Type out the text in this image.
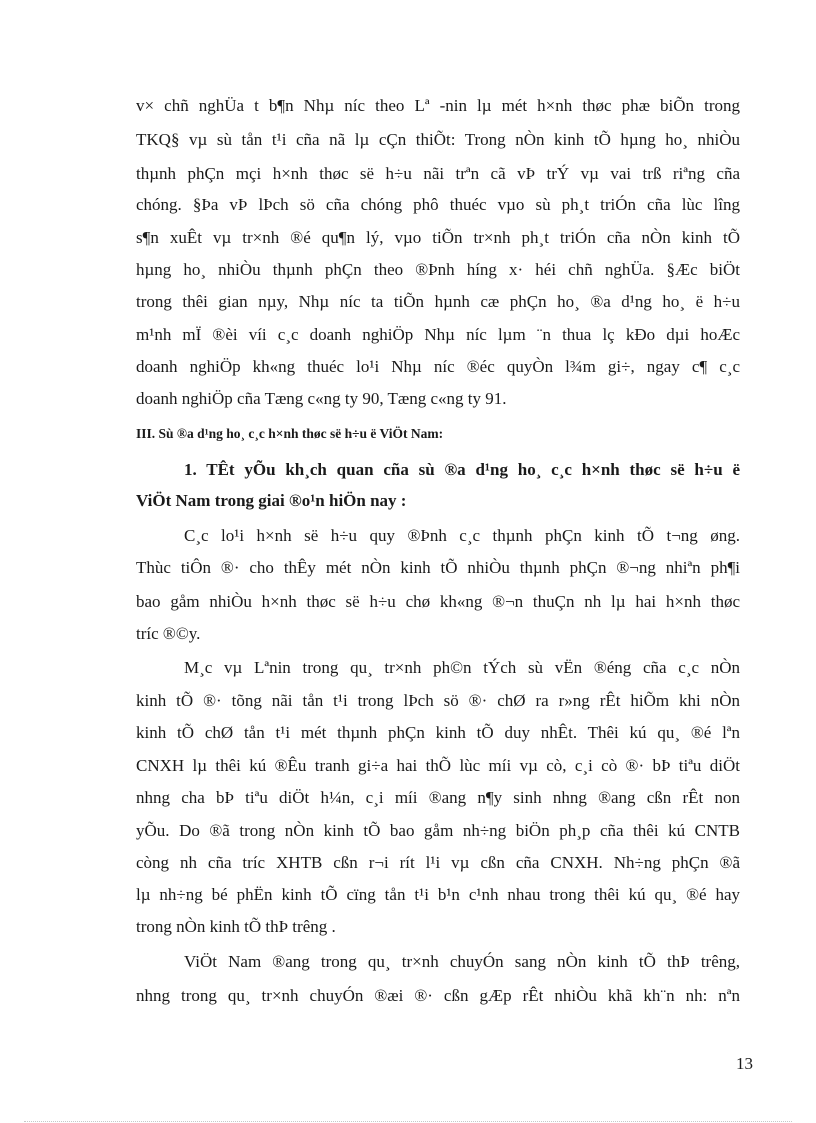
v× chñ nghÜa t b¶n Nhµ níc theo Lª -nin lµ mét h×nh thøc phæ biÕn trong
TKQ§ vµ sù tån t¹i cña nã lµ cÇn thiÕt: Trong nÒn kinh tÕ hµng ho¸ nhiÒu
thµnh phÇn mçi h×nh thøc së h÷u nãi trªn cã vÞ trÝ vµ vai trß riªng cña
chóng. §Þa vÞ lÞch sö cña chóng phô thuéc vµo sù ph¸t triÓn cña lùc lîng
s¶n xuÊt vµ tr×nh ®é qu¶n lý, vµo tiÕn tr×nh ph¸t triÓn cña nÒn kinh tÕ
hµng ho¸ nhiÒu thµnh phÇn theo ®Þnh híng x· héi chñ nghÜa. §Æc biÖt
trong thêi gian nµy, Nhµ níc ta tiÕn hµnh cæ phÇn ho¸ ®a d¹ng ho¸ ë h÷u
m¹nh mÏ ®èi víi c¸c doanh nghiÖp Nhµ níc lµm ¨n thua lç kÐo dµi hoÆc
doanh nghiÖp kh«ng thuéc lo¹i Nhµ níc ®éc quyÒn l¾m gi÷, ngay c¶ c¸c
doanh nghiÖp cña Tæng c«ng ty 90, Tæng c«ng ty 91.
III. Sù ®a d¹ng ho¸ c¸c h×nh thøc së h÷u ë ViÖt Nam:
1. TÊt yÕu kh¸ch quan cña sù ®a d¹ng ho¸ c¸c h×nh thøc së h÷u ë
ViÖt Nam trong giai ®o¹n hiÖn nay :
C¸c lo¹i h×nh së h÷u quy ®Þnh c¸c thµnh phÇn kinh tÕ t¬ng øng.
Thùc tiÔn ®· cho thÊy mét nÒn kinh tÕ nhiÒu thµnh phÇn ®¬ng nhiªn ph¶i
bao gåm nhiÒu h×nh thøc së h÷u chø kh«ng ®¬n thuÇn nh lµ hai h×nh thøc
tríc ®©y.
M¸c vµ Lªnin trong qu¸ tr×nh ph©n tÝch sù vËn ®éng cña c¸c nÒn
kinh tÕ ®· tõng nãi tån t¹i trong lÞch sö ®· chØ ra r»ng rÊt hiÕm khi nÒn
kinh tÕ chØ tån t¹i mét thµnh phÇn kinh tÕ duy nhÊt. Thêi kú qu¸ ®é lªn
CNXH lµ thêi kú ®Êu tranh gi÷a hai thÕ lùc míi vµ cò, c¸i cò ®· bÞ tiªu diÖt
nhng cha bÞ tiªu diÖt h¼n, c¸i míi ®ang n¶y sinh nhng ®ang cßn rÊt non
yÕu. Do ®ã trong nÒn kinh tÕ bao gåm nh÷ng biÖn ph¸p cña thêi kú CNTB
còng nh cña tríc XHTB cßn r¬i rít l¹i vµ cßn cña CNXH. Nh÷ng phÇn ®ã
lµ nh÷ng bé phËn kinh tÕ cïng tån t¹i b¹n c¹nh nhau trong thêi kú qu¸ ®é hay
trong nÒn kinh tÕ thÞ trêng .
ViÖt Nam ®ang trong qu¸ tr×nh chuyÓn sang nÒn kinh tÕ thÞ trêng,
nhng trong qu¸ tr×nh chuyÓn ®æi ®· cßn gÆp rÊt nhiÒu khã kh¨n nh: nªn
13
